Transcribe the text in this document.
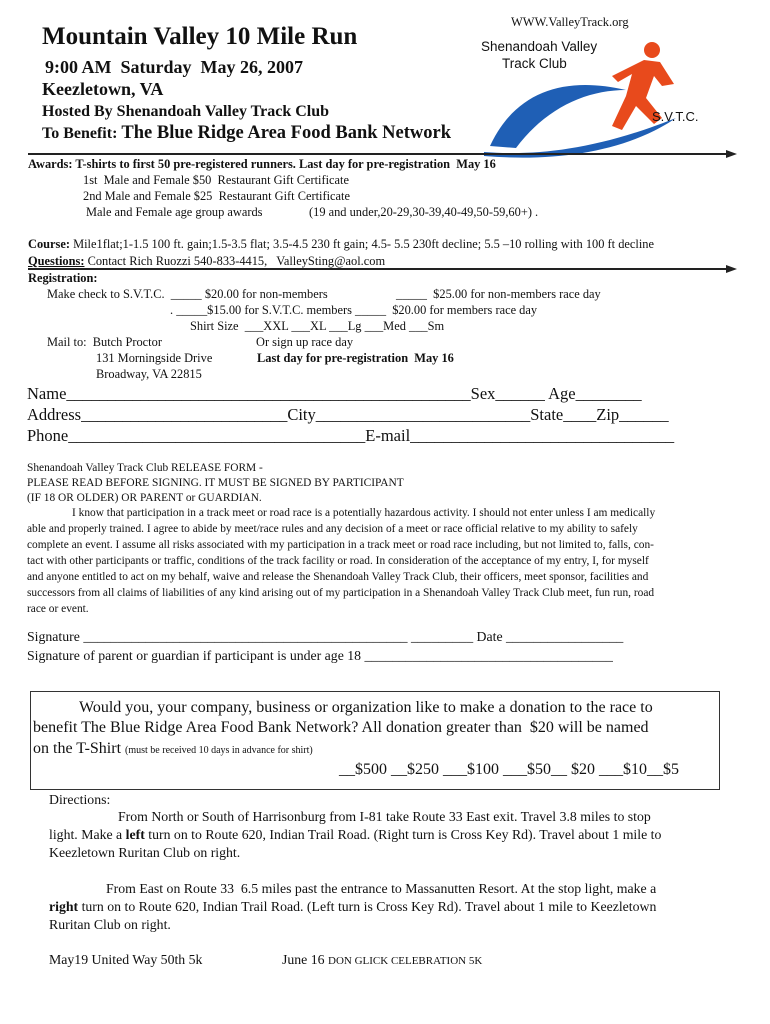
WWW.ValleyTrack.org
Mountain Valley 10 Mile Run
9:00 AM  Saturday  May 26, 2007
Keezletown, VA
Hosted By Shenandoah Valley Track Club
To Benefit: The Blue Ridge Area Food Bank Network
Shenandoah Valley
Track Club
S.V.T.C.
Awards: T-shirts to first 50 pre-registered runners. Last day for pre-registration  May 16
1st  Male and Female $50  Restaurant Gift Certificate
2nd Male and Female $25  Restaurant Gift Certificate
Male and Female age group awards	(19 and under,20-29,30-39,40-49,50-59,60+) .
Course: Mile1flat;1-1.5 100 ft. gain;1.5-3.5 flat; 3.5-4.5 230 ft gain; 4.5- 5.5 230ft decline; 5.5 –10 rolling with 100 ft decline
Questions: Contact Rich Ruozzi 540-833-4415,   ValleySting@aol.com
Registration:
Make check to S.V.T.C.  _____ $20.00 for non-members	_____  $25.00 for non-members race day
. _____$15.00 for S.V.T.C. members _____  $20.00 for members race day
Shirt Size  ___XXL ___XL ___Lg ___Med ___Sm
Mail to:  Butch Proctor	Or sign up race day
131 Morningside Drive	Last day for pre-registration  May 16
Broadway, VA 22815
Name_________________________________________________Sex______ Age________
Address_________________________City__________________________State____Zip______
Phone____________________________________E-mail________________________________
Shenandoah Valley Track Club RELEASE FORM -
PLEASE READ BEFORE SIGNING. IT MUST BE SIGNED BY PARTICIPANT
(IF 18 OR OLDER) OR PARENT or GUARDIAN.
I know that participation in a track meet or road race is a potentially hazardous activity. I should not enter unless I am medically
able and properly trained. I agree to abide by meet/race rules and any decision of a meet or race official relative to my ability to safely
complete an event. I assume all risks associated with my participation in a track meet or road race including, but not limited to, falls, con-
tact with other participants or traffic, conditions of the track facility or road. In consideration of the acceptance of my entry, I, for myself
and anyone entitled to act on my behalf, waive and release the Shenandoah Valley Track Club, their officers, meet sponsor, facilities and
successors from all claims of liabilities of any kind arising out of my participation in a Shenandoah Valley Track Club meet, fun run, road
race or event.
Signature _______________________________________________ _________ Date _________________
Signature of parent or guardian if participant is under age 18 ____________________________________
Would you, your company, business or organization like to make a donation to the race to
benefit The Blue Ridge Area Food Bank Network? All donation greater than  $20 will be named
on the T-Shirt (must be received 10 days in advance for shirt)
__$500 __$250 ___$100 ___$50__ $20 ___$10__$5
Directions:
From North or South of Harrisonburg from I-81 take Route 33 East exit. Travel 3.8 miles to stop
light. Make a left turn on to Route 620, Indian Trail Road. (Right turn is Cross Key Rd). Travel about 1 mile to
Keezletown Ruritan Club on right.
From East on Route 33  6.5 miles past the entrance to Massanutten Resort. At the stop light, make a
right turn on to Route 620, Indian Trail Road. (Left turn is Cross Key Rd). Travel about 1 mile to Keezletown
Ruritan Club on right.
May19 United Way 50th 5k	June 16 DON GLICK CELEBRATION 5K
